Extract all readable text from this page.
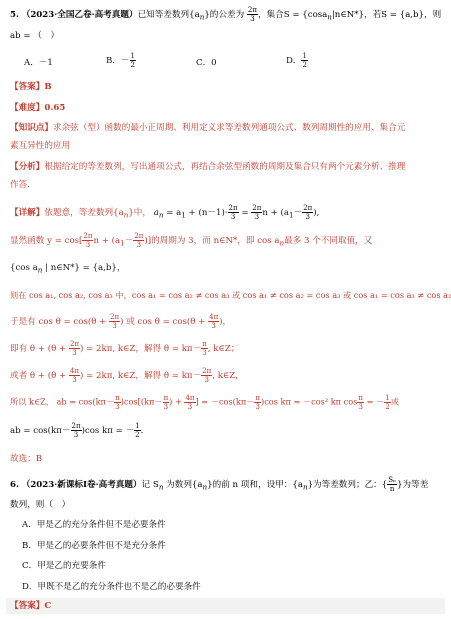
5. （2023·全国乙卷·高考真题）已知等差数列$\{a_n\}$的公差为 $\frac{2\pi}{3}$ ，集合S = {cosa$_n$|n∈N*}，若S = {a,b}，则
ab = （　）
A．－1	B．－ $\frac{1}{2}$	C．0	D． $\frac{1}{2}$
【答案】B
【难度】0.65
【知识点】求余弦（型）函数的最小正周期、利用定义求等差数列通项公式、数列周期性的应用、集合元
素互异性的应用
【分析】根据给定的等差数列，写出通项公式，再结合余弦型函数的周期及集合只有两个元素分析、推理
作答.
【详解】依题意，等差数列$\{a_n\}$中， $a_n = a_1 + (n-1)\cdot \frac{2\pi}{3} = \frac{2\pi}{3}$ $n + (a_1- \frac{2\pi}{3}$ ),
显然函数 $y = \cos[ \frac{2\pi}{3}$ $n + (a_1- \frac{2\pi}{3}$ )]的周期为 3，而 n∈N*，即 $\cos a_n$最多 3 个不同取值，又
{cos $a_n$ | n∈N*} = {a,b}，
则在 cos a₁, cos a₂, cos a₃ 中，cos a₁ = cos a₂ ≠ cos a₃ 或 cos a₁ ≠ cos a₂ = cos a₃ 或 cos a₁ = cos a₃ ≠ cos a₂
于是有 $\cos \theta = \cos(\theta + \frac{2\pi}{3}$ ) 或 $\cos \theta = \cos(\theta + \frac{4\pi}{3}$ )，
即有 $\theta + (\theta + \frac{2\pi}{3}$ ) = 2kπ, k∈Z，解得 $\theta = k\pi- \frac{\pi}{3}$ , k∈Z；
或者 $\theta + (\theta + \frac{4\pi}{3}$ ) = 2kπ, k∈Z，解得 $\theta = k\pi- \frac{2\pi}{3}$ , k∈Z，
所以 k∈Z， ab = $\cos(k\pi- \frac{\pi}{3} )\cos[(k\pi- \frac{\pi}{3}$ ) + $\frac{4\pi}{3}$ ] = $-\cos(k\pi- \frac{\pi}{3} )\cos$ kπ = －cos² kπ $\cos \frac{\pi}{3}$ = － $\frac{1}{2}$ 或
ab = $\cos(k\pi- \frac{2\pi}{3} )\cos$ kπ = － $\frac{1}{2}$ .
故选：B
6. （2023·新课标Ⅰ卷·高考真题）记 $S_n$ 为数列$\{a_n\}$的前 n 项和，设甲：$\{a_n\}$为等差数列；乙：{ $\frac{\text{Sₙ}}{n}$ }为等差
数列，则（　）
A．甲是乙的充分条件但不是必要条件
B．甲是乙的必要条件但不是充分条件
C．甲是乙的充要条件
D．甲既不是乙的充分条件也不是乙的必要条件
【答案】C
